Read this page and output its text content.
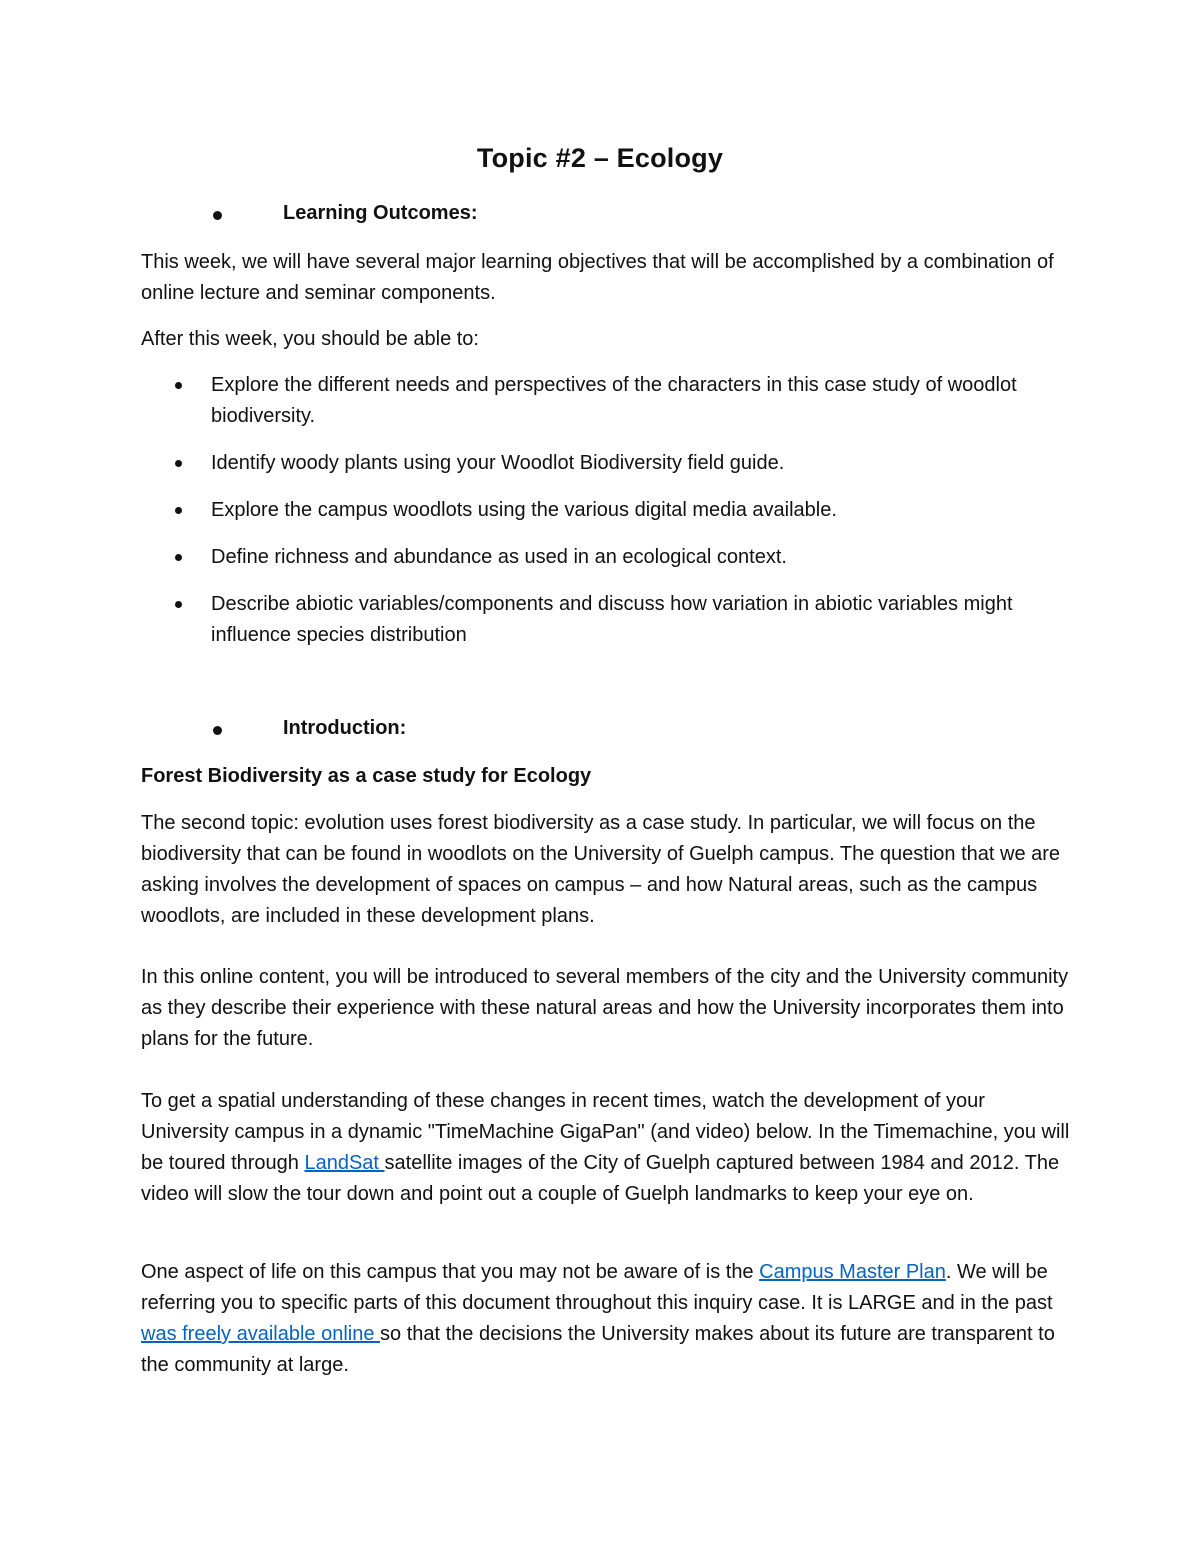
Topic #2 – Ecology
Learning Outcomes:
This week, we will have several major learning objectives that will be accomplished by a combination of online lecture and seminar components.
After this week, you should be able to:
Explore the different needs and perspectives of the characters in this case study of woodlot biodiversity.
Identify woody plants using your Woodlot Biodiversity field guide.
Explore the campus woodlots using the various digital media available.
Define richness and abundance as used in an ecological context.
Describe abiotic variables/components and discuss how variation in abiotic variables might influence species distribution
Introduction:
Forest Biodiversity as a case study for Ecology
The second topic: evolution uses forest biodiversity as a case study. In particular, we will focus on the biodiversity that can be found in woodlots on the University of Guelph campus. The question that we are asking involves the development of spaces on campus – and how Natural areas, such as the campus woodlots, are included in these development plans.
In this online content, you will be introduced to several members of the city and the University community as they describe their experience with these natural areas and how the University incorporates them into plans for the future.
To get a spatial understanding of these changes in recent times, watch the development of your University campus in a dynamic "TimeMachine GigaPan" (and video) below. In the Timemachine, you will be toured through LandSat satellite images of the City of Guelph captured between 1984 and 2012. The video will slow the tour down and point out a couple of Guelph landmarks to keep your eye on.
One aspect of life on this campus that you may not be aware of is the Campus Master Plan. We will be referring you to specific parts of this document throughout this inquiry case. It is LARGE and in the past was freely available online so that the decisions the University makes about its future are transparent to the community at large.
